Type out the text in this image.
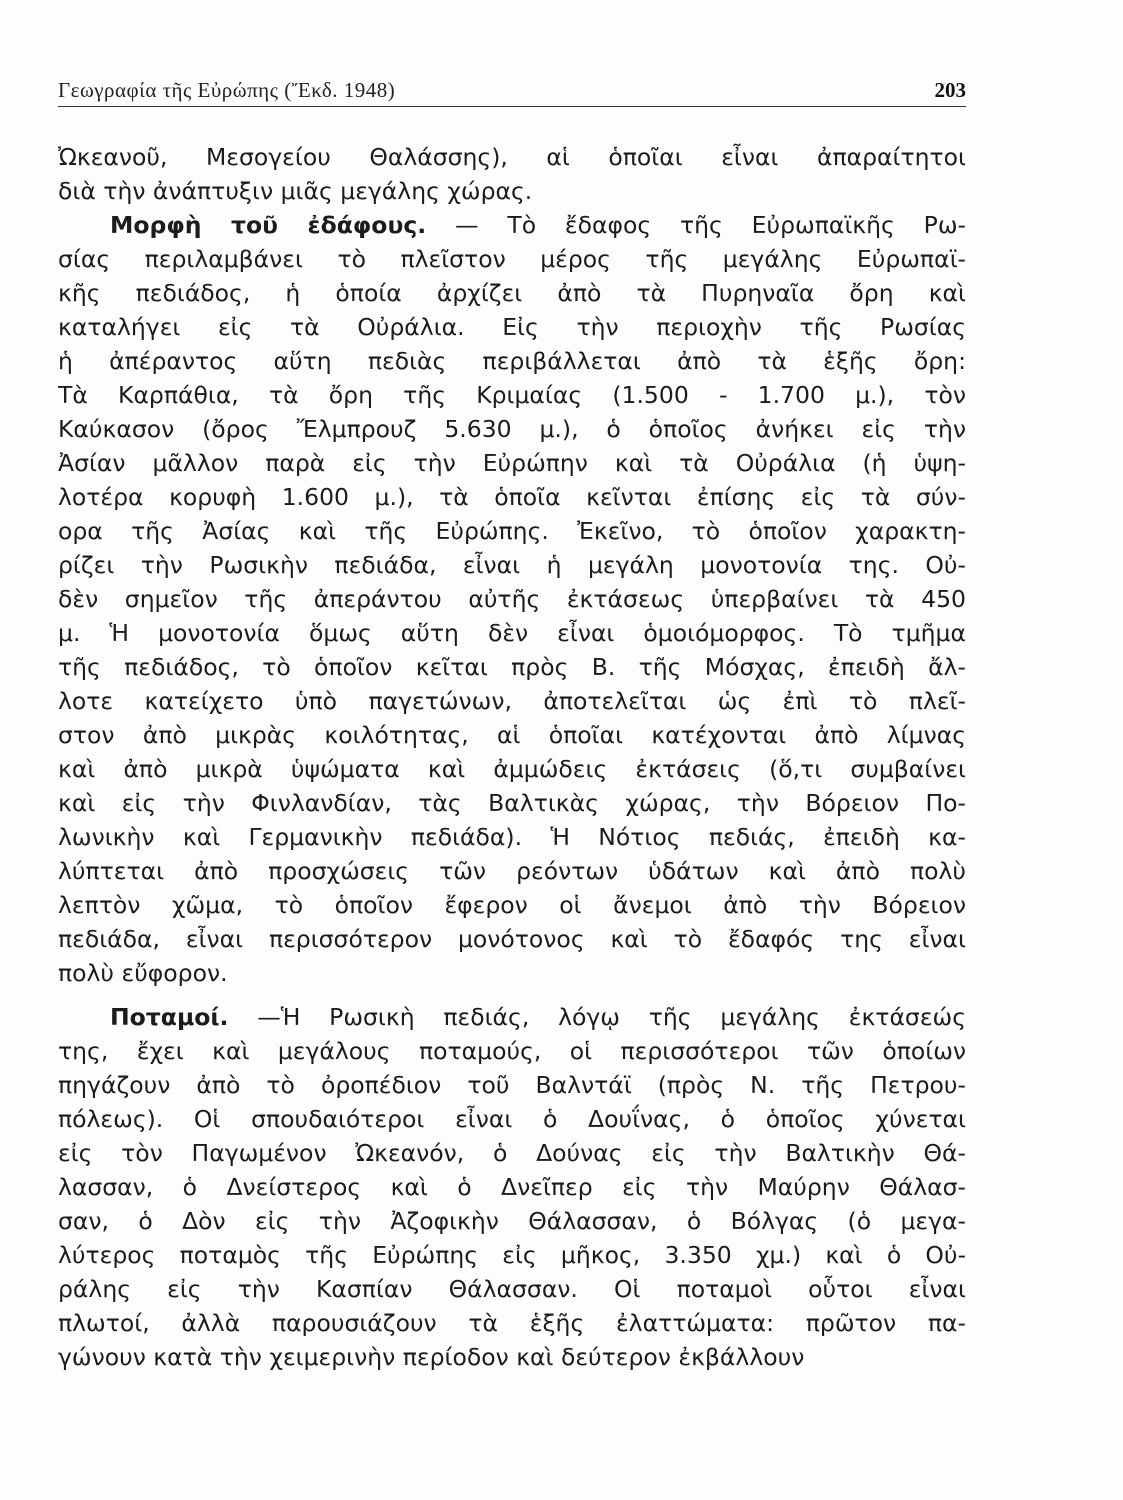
Γεωγραφία τῆς Εὐρώπης (Ἔκδ. 1948)	203
Ὠκεανοῦ, Μεσογείου Θαλάσσης), αἱ ὁποῖαι εἶναι ἀπαραίτητοι
διὰ τὴν ἀνάπτυξιν μιᾶς μεγάλης χώρας.
Μορφὴ τοῦ ἐδάφους. — Τὸ ἔδαφος τῆς Εὐρωπαϊκῆς Ρω-
σίας περιλαμβάνει τὸ πλεῖστον μέρος τῆς μεγάλης Εὐρωπαϊ-
κῆς πεδιάδος, ἡ ὁποία ἀρχίζει ἀπὸ τὰ Πυρηναῖα ὄρη καὶ
καταλήγει εἰς τὰ Οὐράλια. Εἰς τὴν περιοχὴν τῆς Ρωσίας
ἡ ἀπέραντος αὕτη πεδιὰς περιβάλλεται ἀπὸ τὰ ἑξῆς ὄρη:
Τὰ Καρπάθια, τὰ ὄρη τῆς Κριμαίας (1.500 - 1.700 μ.), τὸν
Καύκασον (ὄρος Ἔλμπρουζ 5.630 μ.), ὁ ὁποῖος ἀνήκει εἰς τὴν
Ἀσίαν μᾶλλον παρὰ εἰς τὴν Εὐρώπην καὶ τὰ Οὐράλια (ἡ ὑψη-
λοτέρα κορυφὴ 1.600 μ.), τὰ ὁποῖα κεῖνται ἐπίσης εἰς τὰ σύν-
ορα τῆς Ἀσίας καὶ τῆς Εὐρώπης. Ἐκεῖνο, τὸ ὁποῖον χαρακτη-
ρίζει τὴν Ρωσικὴν πεδιάδα, εἶναι ἡ μεγάλη μονοτονία της. Οὐ-
δὲν σημεῖον τῆς ἀπεράντου αὐτῆς ἐκτάσεως ὑπερβαίνει τὰ 450
μ. Ἡ μονοτονία ὅμως αὕτη δὲν εἶναι ὁμοιόμορφος. Τὸ τμῆμα
τῆς πεδιάδος, τὸ ὁποῖον κεῖται πρὸς Β. τῆς Μόσχας, ἐπειδὴ ἄλ-
λοτε κατείχετο ὑπὸ παγετώνων, ἀποτελεῖται ὡς ἐπὶ τὸ πλεῖ-
στον ἀπὸ μικρὰς κοιλότητας, αἱ ὁποῖαι κατέχονται ἀπὸ λίμνας
καὶ ἀπὸ μικρὰ ὑψώματα καὶ ἀμμώδεις ἐκτάσεις (ὅ,τι συμβαίνει
καὶ εἰς τὴν Φινλανδίαν, τὰς Βαλτικὰς χώρας, τὴν Βόρειον Πο-
λωνικὴν καὶ Γερμανικὴν πεδιάδα). Ἡ Νότιος πεδιάς, ἐπειδὴ κα-
λύπτεται ἀπὸ προσχώσεις τῶν ρεόντων ὑδάτων καὶ ἀπὸ πολὺ
λεπτὸν χῶμα, τὸ ὁποῖον ἔφερον οἱ ἄνεμοι ἀπὸ τὴν Βόρειον
πεδιάδα, εἶναι περισσότερον μονότονος καὶ τὸ ἔδαφός της εἶναι
πολὺ εὔφορον.
Ποταμοί. —Ἡ Ρωσικὴ πεδιάς, λόγῳ τῆς μεγάλης ἐκτάσεώς
της, ἔχει καὶ μεγάλους ποταμούς, οἱ περισσότεροι τῶν ὁποίων
πηγάζουν ἀπὸ τὸ ὀροπέδιον τοῦ Βαλντάϊ (πρὸς Ν. τῆς Πετρου-
πόλεως). Οἱ σπουδαιότεροι εἶναι ὁ Δουΐνας, ὁ ὁποῖος χύνεται
εἰς τὸν Παγωμένον Ὠκεανόν, ὁ Δούνας εἰς τὴν Βαλτικὴν Θά-
λασσαν, ὁ Δνείστερος καὶ ὁ Δνεῖπερ εἰς τὴν Μαύρην Θάλασ-
σαν, ὁ Δὸν εἰς τὴν Ἀζοφικὴν Θάλασσαν, ὁ Βόλγας (ὁ μεγα-
λύτερος ποταμὸς τῆς Εὐρώπης εἰς μῆκος, 3.350 χμ.) καὶ ὁ Οὐ-
ράλης εἰς τὴν Κασπίαν Θάλασσαν. Οἱ ποταμοὶ οὗτοι εἶναι
πλωτοί, ἀλλὰ παρουσιάζουν τὰ ἑξῆς ἐλαττώματα: πρῶτον πα-
γώνουν κατὰ τὴν χειμερινὴν περίοδον καὶ δεύτερον ἐκβάλλουν
